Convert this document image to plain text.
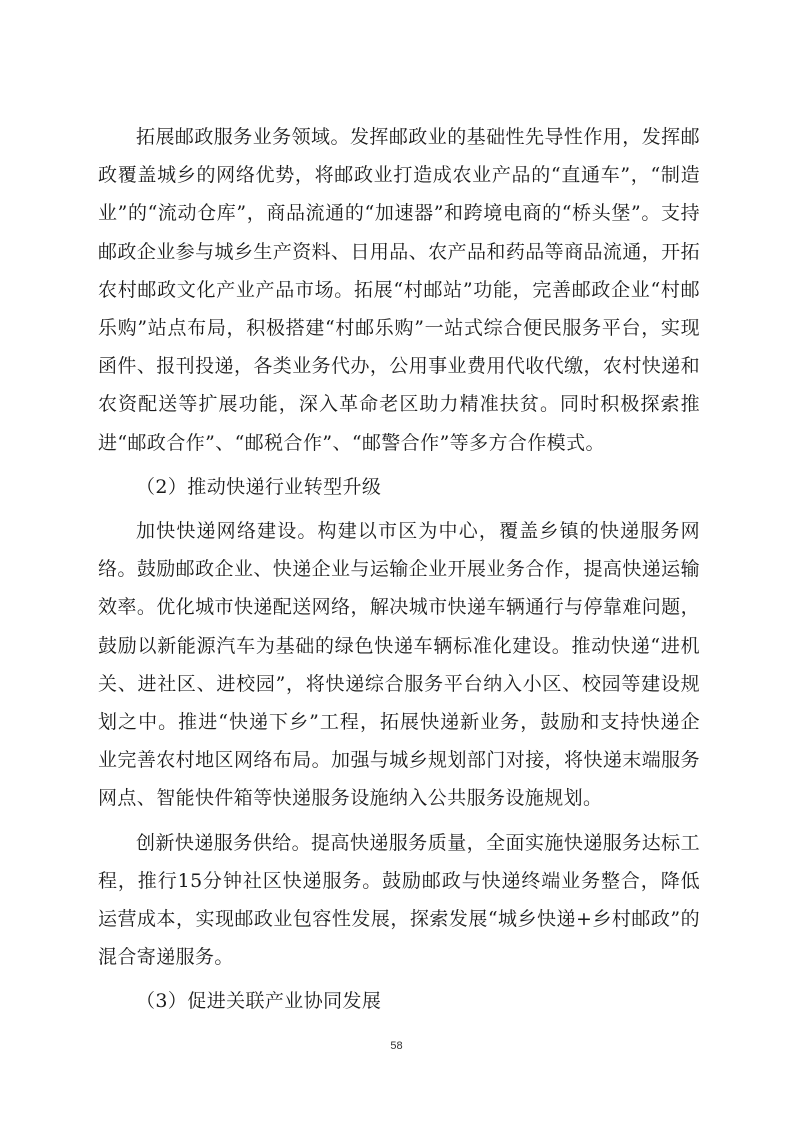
拓展邮政服务业务领域。发挥邮政业的基础性先导性作用，发挥邮政覆盖城乡的网络优势，将邮政业打造成农业产品的“直通车”，“制造业”的“流动仓库”，商品流通的“加速器”和跨境电商的“桥头堡”。支持邮政企业参与城乡生产资料、日用品、农产品和药品等商品流通，开拓农村邮政文化产业产品市场。拓展“村邮站”功能，完善邮政企业“村邮乐购”站点布局，积极搭建“村邮乐购”一站式综合便民服务平台，实现函件、报刊投递，各类业务代办，公用事业费用代收代缴，农村快递和农资配送等扩展功能，深入革命老区助力精准扶贫。同时积极探索推进“邮政合作”、“邮税合作”、“邮警合作”等多方合作模式。

（2）推动快递行业转型升级

加快快递网络建设。构建以市区为中心，覆盖乡镇的快递服务网络。鼓励邮政企业、快递企业与运输企业开展业务合作，提高快递运输效率。优化城市快递配送网络，解决城市快递车辆通行与停靠难问题，鼓励以新能源汽车为基础的绿色快递车辆标准化建设。推动快递“进机关、进社区、进校园”，将快递综合服务平台纳入小区、校园等建设规划之中。推进“快递下乡”工程，拓展快递新业务，鼓励和支持快递企业完善农村地区网络布局。加强与城乡规划部门对接，将快递末端服务网点、智能快件箱等快递服务设施纳入公共服务设施规划。

创新快递服务供给。提高快递服务质量，全面实施快递服务达标工程，推行15分钟社区快递服务。鼓励邮政与快递终端业务整合，降低运营成本，实现邮政业包容性发展，探索发展“城乡快递+乡村邮政”的混合寄递服务。

（3）促进关联产业协同发展

58
